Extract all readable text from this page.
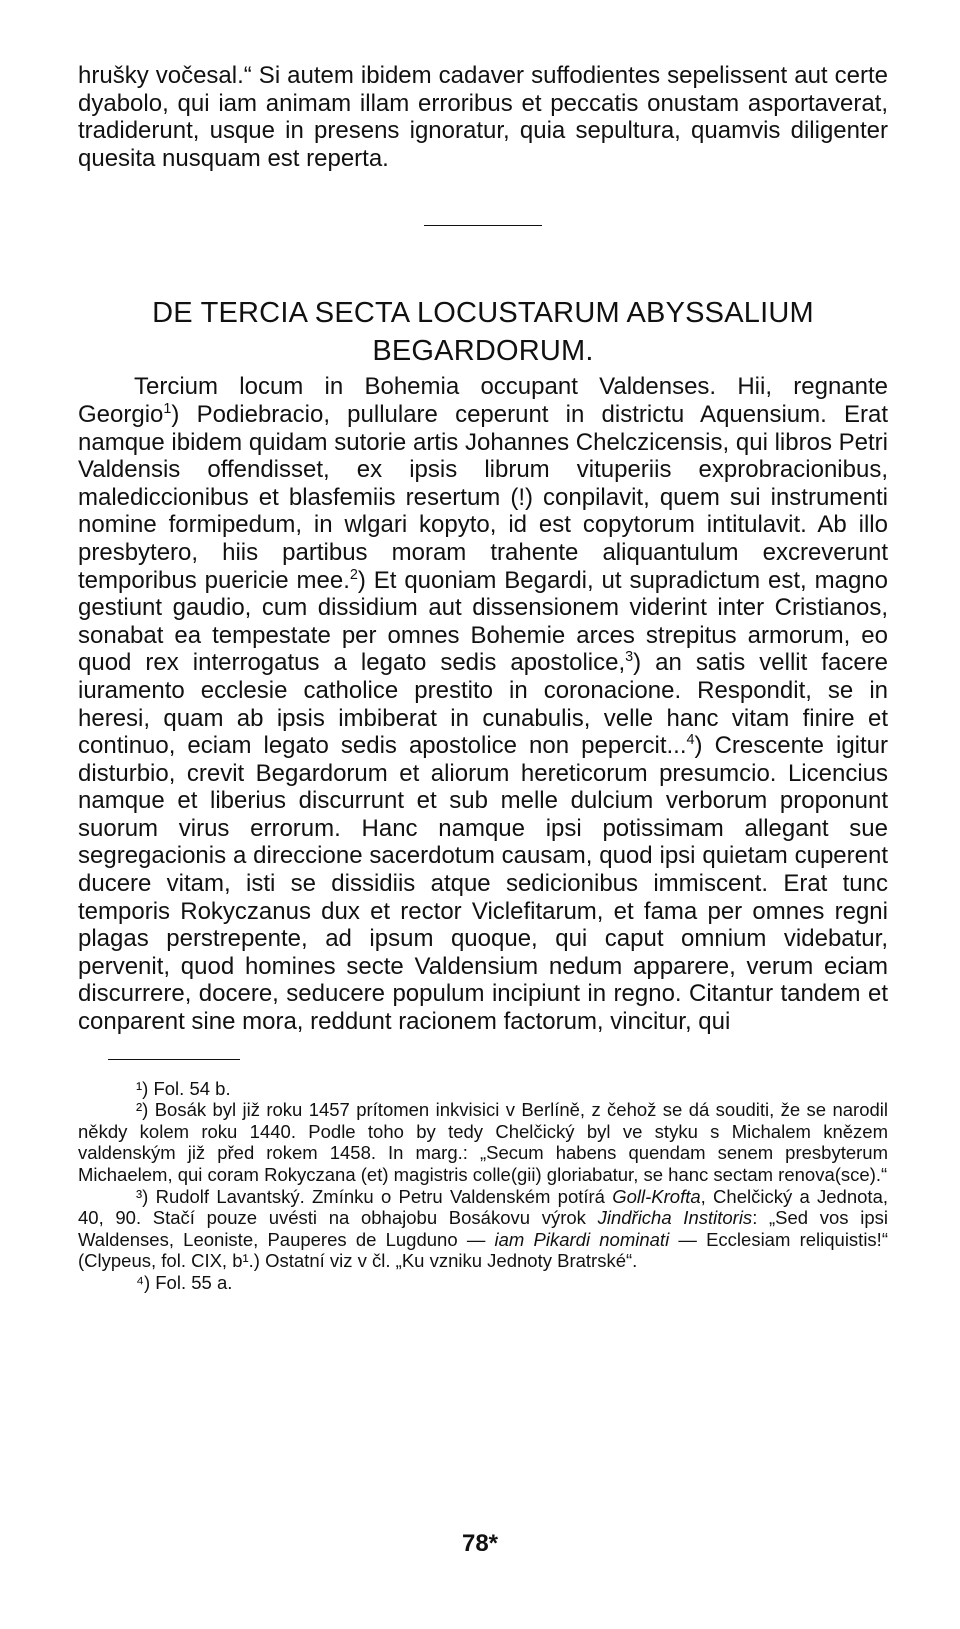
hrušky vočesal.“ Si autem ibidem cadaver suffodientes sepelissent aut certe dyabolo, qui iam animam illam erroribus et peccatis onustam asportaverat, tradiderunt, usque in presens ignoratur, quia sepultura, quamvis diligenter quesita nusquam est reperta.

DE TERCIA SECTA LOCUSTARUM ABYSSALIUM
BEGARDORUM.

Tercium locum in Bohemia occupant Valdenses. Hii, regnante Georgio$^1$) Podiebracio, pullulare ceperunt in districtu Aquensium. Erat namque ibidem quidam sutorie artis Johannes Chelczicensis, qui libros Petri Valdensis offendisset, ex ipsis librum vituperiis exprobracionibus, malediccionibus et blasfemiis resertum (!) conpilavit, quem sui instrumenti nomine formipedum, in wlgari kopyto, id est copytorum intitulavit. Ab illo presbytero, hiis partibus moram trahente aliquantulum excreverunt temporibus puericie mee.$^2$) Et quoniam Begardi, ut supradictum est, magno gestiunt gaudio, cum dissidium aut dissensionem viderint inter Cristianos, sonabat ea tempestate per omnes Bohemie arces strepitus armorum, eo quod rex interrogatus a legato sedis apostolice,$^3$) an satis vellit facere iuramento ecclesie catholice prestito in coronacione. Respondit, se in heresi, quam ab ipsis imbiberat in cunabulis, velle hanc vitam finire et continuo, eciam legato sedis apostolice non pepercit...$^4$) Crescente igitur disturbio, crevit Begardorum et aliorum hereticorum presumcio. Licencius namque et liberius discurrunt et sub melle dulcium verborum proponunt suorum virus errorum. Hanc namque ipsi potissimam allegant sue segregacionis a direccione sacerdotum causam, quod ipsi quietam cuperent ducere vitam, isti se dissidiis atque sedicionibus immiscent. Erat tunc temporis Rokyczanus dux et rector Viclefitarum, et fama per omnes regni plagas perstrepente, ad ipsum quoque, qui caput omnium videbatur, pervenit, quod homines secte Valdensium nedum apparere, verum eciam discurrere, docere, seducere populum incipiunt in regno. Citantur tandem et conparent sine mora, reddunt racionem factorum, vincitur, qui

¹) Fol. 54 b.

²) Bosák byl již roku 1457 prítomen inkvisici v Berlíně, z čehož se dá souditi, že se narodil někdy kolem roku 1440. Podle toho by tedy Chelčický byl ve styku s Michalem knězem valdenským již před rokem 1458. In marg.: „Secum habens quendam senem presbyterum Michaelem, qui coram Rokyczana (et) magistris colle(gii) gloriabatur, se hanc sectam renova(sce).“

³) Rudolf Lavantský. Zmínku o Petru Valdenském potírá Goll-Krofta, Chelčický a Jednota, 40, 90. Stačí pouze uvésti na obhajobu Bosákovu výrok Jindřicha Institoris: „Sed vos ipsi Waldenses, Leoniste, Pauperes de Lugduno — iam Pikardi nominati — Ecclesiam reliquistis!“ (Clypeus, fol. CIX, b¹.) Ostatní viz v čl. „Ku vzniku Jednoty Bratrské“.

⁴) Fol. 55 a.

78*
